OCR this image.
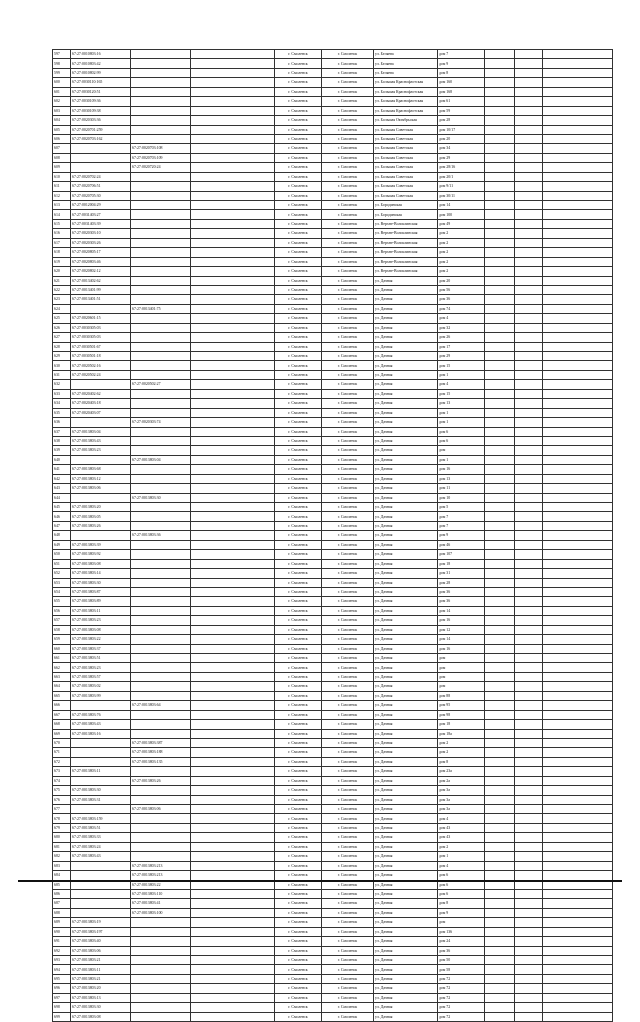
597	67:27:0010803:16			г. Смоленск	г. Смоленск	ул. Беляева	дом 7			
598	67:27:0010803:42			г. Смоленск	г. Смоленск	ул. Беляева	дом 9			
599	67:27:0010802:99			г. Смоленск	г. Смоленск	ул. Беляева	дом 8			
600	67:27:0030110:165			г. Смоленск	г. Смоленск	ул. Большая Краснофлотская	дом 160			
601	67:27:0030120:51			г. Смоленск	г. Смоленск	ул. Большая Краснофлотская	дом 168			
602	67:27:0030109:36			г. Смоленск	г. Смоленск	ул. Большая Краснофлотская	дом 61			
603	67:27:0030109:38			г. Смоленск	г. Смоленск	ул. Большая Краснофлотская	дом 59			
604	67:27:0020303:36			г. Смоленск	г. Смоленск	ул. Большая Октябрьская	дом 28			
605	67:27:0020701:259			г. Смоленск	г. Смоленск	ул. Большая Советская	дом 10/17			
606	67:27:0020703:162			г. Смоленск	г. Смоленск	ул. Большая Советская	дом 20			
607		67:27:0020703:108		г. Смоленск	г. Смоленск	ул. Большая Советская	дом 34			
608		67:27:0020703:109		г. Смоленск	г. Смоленск	ул. Большая Советская	дом 29			
609		67:27:0020720:24		г. Смоленск	г. Смоленск	ул. Большая Советская	дом 28/16			
610	67:27:0020702:24			г. Смоленск	г. Смоленск	ул. Большая Советская	дом 20/1			
611	67:27:0020706:51			г. Смоленск	г. Смоленск	ул. Большая Советская	дом 9/11			
612	67:27:0020705:30			г. Смоленск	г. Смоленск	ул. Большая Советская	дом 30/11			
613	67:27:0012004:29			г. Смоленск	г. Смоленск	ул. Бородинская	дом 14			
614	67:27:0031403:27			г. Смоленск	г. Смоленск	ул. Бородинская	дом 100			
615	67:27:0031403:39			г. Смоленск	г. Смоленск	ул. Верхне-Волоклинская	дом 49			
616	67:27:0020303:10			г. Смоленск	г. Смоленск	ул. Верхне-Волоклинская	дом 2			
617	67:27:0020303:26			г. Смоленск	г. Смоленск	ул. Верхне-Волоклинская	дом 2			
618	67:27:0020805:17			г. Смоленск	г. Смоленск	ул. Верхне-Волоклинская	дом 2			
619	67:27:0020803:46			г. Смоленск	г. Смоленск	ул. Верхне-Волоклинская	дом 2			
620	67:27:0020802:12			г. Смоленск	г. Смоленск	ул. Верхне-Волоклинская	дом 2			
621	67:27:0013402:62			г. Смоленск	г. Смоленск	ул. Дачная	дом 20			
622	67:27:0013401:99			г. Смоленск	г. Смоленск	ул. Дачная	дом 56			
623	67:27:0013401:51			г. Смоленск	г. Смоленск	ул. Дачная	дом 36			
624		67:27:0013401:75		г. Смоленск	г. Смоленск	ул. Дачная	дом 74			
625	67:27:0020601:15			г. Смоленск	г. Смоленск	ул. Дачная	дом 4			
626	67:27:0030305:03			г. Смоленск	г. Смоленск	ул. Дачная	дом 32			
627	67:27:0030305:03			г. Смоленск	г. Смоленск	ул. Дачная	дом 26			
628	67:27:0030501:67			г. Смоленск	г. Смоленск	ул. Дачная	дом 17			
629	67:27:0030501:18			г. Смоленск	г. Смоленск	ул. Дачная	дом 29			
630	67:27:0020502:16			г. Смоленск	г. Смоленск	ул. Дачная	дом 15			
631	67:27:0020502:24			г. Смоленск	г. Смоленск	ул. Дачная	дом 1			
632		67:27:0020502:27		г. Смоленск	г. Смоленск	ул. Дачная	дом 4			
633	67:27:0020402:62			г. Смоленск	г. Смоленск	ул. Дачная	дом 15			
634	67:27:0020403:18			г. Смоленск	г. Смоленск	ул. Дачная	дом 13			
635	67:27:0020403:07			г. Смоленск	г. Смоленск	ул. Дачная	дом 1			
636		67:27:0020303:74		г. Смоленск	г. Смоленск	ул. Дачная	дом 1			
637	67:27:0013803:04			г. Смоленск	г. Смоленск	ул. Дачная	дом 6			
638	67:27:0013803:43			г. Смоленск	г. Смоленск	ул. Дачная	дом 6			
639	67:27:0013803:23			г. Смоленск	г. Смоленск	ул. Дачная	дом			
640		67:27:0013803:04		г. Смоленск	г. Смоленск	ул. Дачная	дом 1			
641	67:27:0013803:68			г. Смоленск	г. Смоленск	ул. Дачная	дом 16			
642	67:27:0013803:12			г. Смоленск	г. Смоленск	ул. Дачная	дом 13			
643	67:27:0013803:06			г. Смоленск	г. Смоленск	ул. Дачная	дом 11			
644		67:27:0013803:30		г. Смоленск	г. Смоленск	ул. Дачная	дом 10			
645	67:27:0013803:20			г. Смоленск	г. Смоленск	ул. Дачная	дом 5			
646	67:27:0013803:05			г. Смоленск	г. Смоленск	ул. Дачная	дом 7			
647	67:27:0013803:26			г. Смоленск	г. Смоленск	ул. Дачная	дом 7			
648		67:27:0013803:36		г. Смоленск	г. Смоленск	ул. Дачная	дом 9			
649	67:27:0013803:39			г. Смоленск	г. Смоленск	ул. Дачная	дом 46			
650	67:27:0013803:92			г. Смоленск	г. Смоленск	ул. Дачная	дом 107			
651	67:27:0013803:08			г. Смоленск	г. Смоленск	ул. Дачная	дом 18			
652	67:27:0013803:14			г. Смоленск	г. Смоленск	ул. Дачная	дом 31			
653	67:27:0013803:30			г. Смоленск	г. Смоленск	ул. Дачная	дом 28			
654	67:27:0013803:87			г. Смоленск	г. Смоленск	ул. Дачная	дом 36			
655	67:27:0013803:89			г. Смоленск	г. Смоленск	ул. Дачная	дом 36			
656	67:27:0013803:11			г. Смоленск	г. Смоленск	ул. Дачная	дом 14			
657	67:27:0013803:23			г. Смоленск	г. Смоленск	ул. Дачная	дом 16			
658	67:27:0013803:08			г. Смоленск	г. Смоленск	ул. Дачная	дом 12			
659	67:27:0013803:22			г. Смоленск	г. Смоленск	ул. Дачная	дом 14			
660	67:27:0013803:37			г. Смоленск	г. Смоленск	ул. Дачная	дом 16			
661	67:27:0013803:51			г. Смоленск	г. Смоленск	ул. Дачная	дом			
662	67:27:0013803:23			г. Смоленск	г. Смоленск	ул. Дачная	дом			
663	67:27:0013803:57			г. Смоленск	г. Смоленск	ул. Дачная	дом			
664	67:27:0013803:02			г. Смоленск	г. Смоленск	ул. Дачная	дом			
665	67:27:0013803:99			г. Смоленск	г. Смоленск	ул. Дачная	дом 88			
666		67:27:0013803:64		г. Смоленск	г. Смоленск	ул. Дачная	дом 95			
667	67:27:0013803:76			г. Смоленск	г. Смоленск	ул. Дачная	дом 98			
668	67:27:0013803:43			г. Смоленск	г. Смоленск	ул. Дачная	дом 18			
669	67:27:0013803:16			г. Смоленск	г. Смоленск	ул. Дачная	дом 18а			
670		67:27:0013803:387		г. Смоленск	г. Смоленск	ул. Дачная	дом 2			
671		67:27:0013803:188		г. Смоленск	г. Смоленск	ул. Дачная	дом 2			
672		67:27:0013803:135		г. Смоленск	г. Смоленск	ул. Дачная	дом 8			
673	67:27:0013803:11			г. Смоленск	г. Смоленск	ул. Дачная	дом 23а			
674		67:27:0013803:26		г. Смоленск	г. Смоленск	ул. Дачная	дом 2а			
675	67:27:0013803:30			г. Смоленск	г. Смоленск	ул. Дачная	дом 3а			
676	67:27:0013803:31			г. Смоленск	г. Смоленск	ул. Дачная	дом 3а			
677		67:27:0013803:06		г. Смоленск	г. Смоленск	ул. Дачная	дом 3а			
678	67:27:0013803:159			г. Смоленск	г. Смоленск	ул. Дачная	дом 4			
679	67:27:0013803:51			г. Смоленск	г. Смоленск	ул. Дачная	дом 43			
680	67:27:0013803:33			г. Смоленск	г. Смоленск	ул. Дачная	дом 43			
681	67:27:0013803:24			г. Смоленск	г. Смоленск	ул. Дачная	дом 2			
682	67:27:0013803:43			г. Смоленск	г. Смоленск	ул. Дачная	дом 1			
683		67:27:0013803:213		г. Смоленск	г. Смоленск	ул. Дачная	дом 4			
684		67:27:0013803:213		г. Смоленск	г. Смоленск	ул. Дачная	дом 6			
685		67:27:0013803:22		г. Смоленск	г. Смоленск	ул. Дачная	дом 6			
686		67:27:0013803:110		г. Смоленск	г. Смоленск	ул. Дачная	дом 6			
687		67:27:0013803:41		г. Смоленск	г. Смоленск	ул. Дачная	дом 8			
688		67:27:0013803:100		г. Смоленск	г. Смоленск	ул. Дачная	дом 9			
689	67:27:0013803:19			г. Смоленск	г. Смоленск	ул. Дачная	дом			
690	67:27:0013803:197			г. Смоленск	г. Смоленск	ул. Дачная	дом 136			
691	67:27:0013803:40			г. Смоленск	г. Смоленск	ул. Дачная	дом 24			
692	67:27:0013803:06			г. Смоленск	г. Смоленск	ул. Дачная	дом 36			
693	67:27:0013803:21			г. Смоленск	г. Смоленск	ул. Дачная	дом 50			
694	67:27:0013803:11			г. Смоленск	г. Смоленск	ул. Дачная	дом 58			
695	67:27:0013803:21			г. Смоленск	г. Смоленск	ул. Дачная	дом 72			
696	67:27:0013803:20			г. Смоленск	г. Смоленск	ул. Дачная	дом 72			
697	67:27:0013803:13			г. Смоленск	г. Смоленск	ул. Дачная	дом 72			
698	67:27:0013803:30			г. Смоленск	г. Смоленск	ул. Дачная	дом 72			
699	67:27:0013803:08			г. Смоленск	г. Смоленск	ул. Дачная	дом 72			
